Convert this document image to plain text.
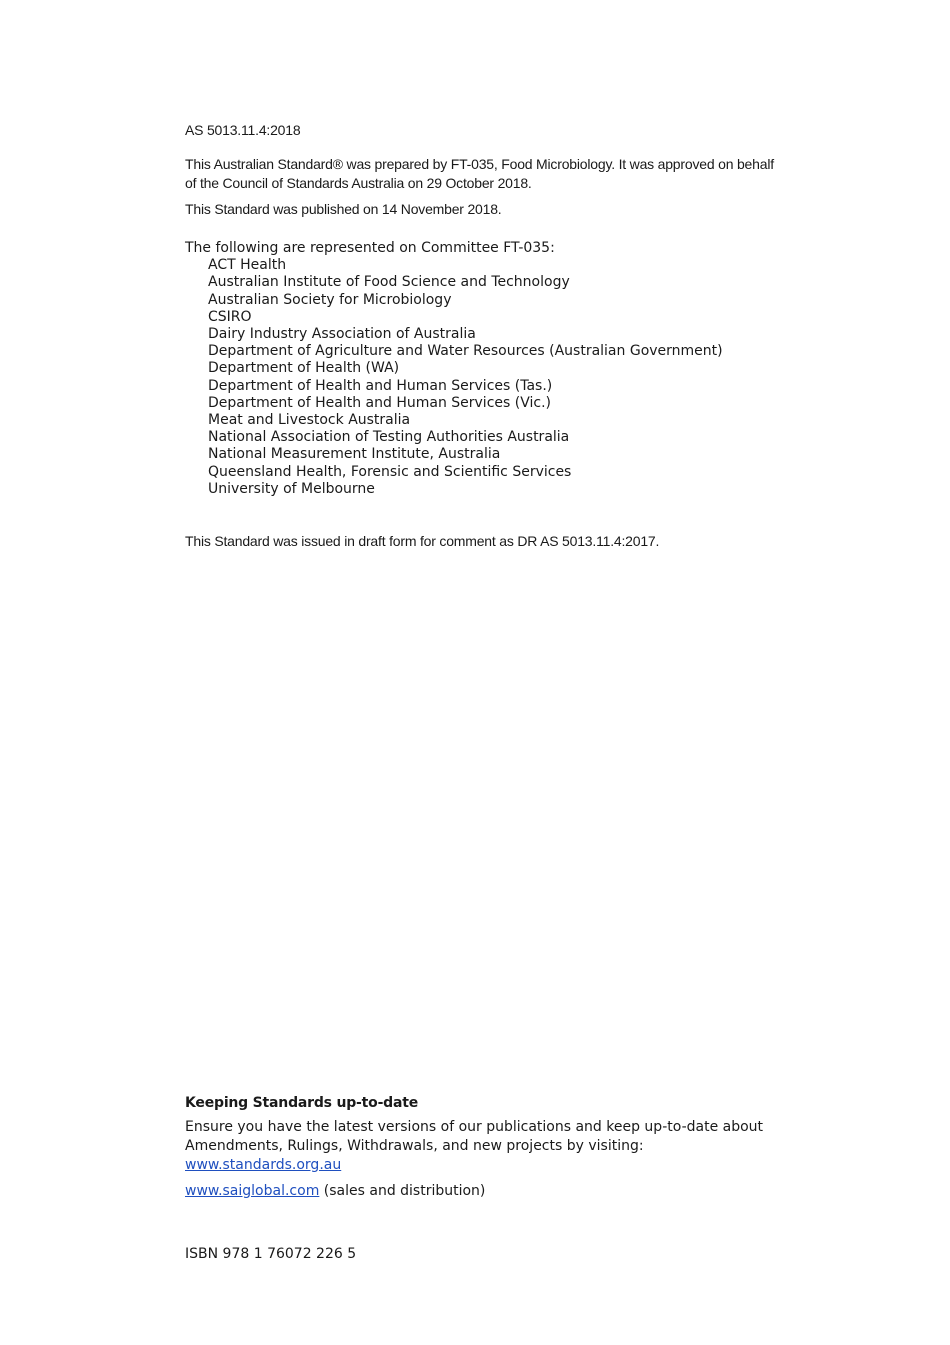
AS 5013.11.4:2018
This Australian Standard® was prepared by FT-035, Food Microbiology. It was approved on behalf of the Council of Standards Australia on 29 October 2018.
This Standard was published on 14 November 2018.
The following are represented on Committee FT-035:
ACT Health
Australian Institute of Food Science and Technology
Australian Society for Microbiology
CSIRO
Dairy Industry Association of Australia
Department of Agriculture and Water Resources (Australian Government)
Department of Health (WA)
Department of Health and Human Services (Tas.)
Department of Health and Human Services (Vic.)
Meat and Livestock Australia
National Association of Testing Authorities Australia
National Measurement Institute, Australia
Queensland Health, Forensic and Scientific Services
University of Melbourne
This Standard was issued in draft form for comment as DR AS 5013.11.4:2017.
Keeping Standards up-to-date

Ensure you have the latest versions of our publications and keep up-to-date about Amendments, Rulings, Withdrawals, and new projects by visiting:
www.standards.org.au

www.saiglobal.com (sales and distribution)

ISBN 978 1 76072 226 5
